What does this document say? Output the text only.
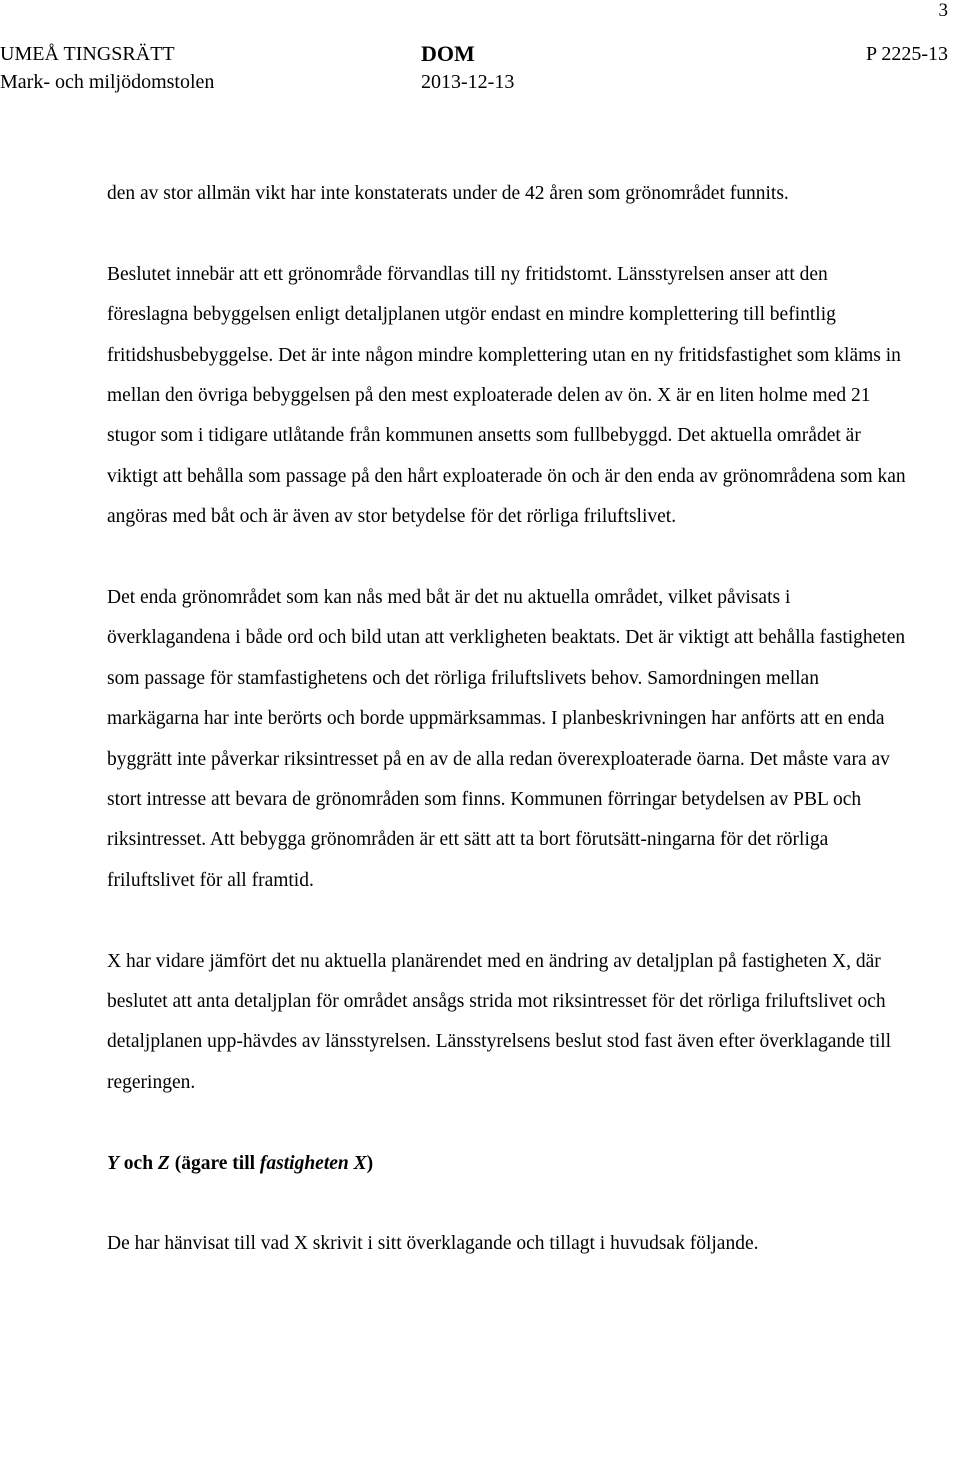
3
UMEÅ TINGSRÄTT
Mark- och miljödomstolen
DOM
2013-12-13
P 2225-13

den av stor allmän vikt har inte konstaterats under de 42 åren som grönområdet funnits.

Beslutet innebär att ett grönområde förvandlas till ny fritidstomt. Länsstyrelsen anser att den föreslagna bebyggelsen enligt detaljplanen utgör endast en mindre komplettering till befintlig fritidshusbebyggelse. Det är inte någon mindre komplettering utan en ny fritidsfastighet som kläms in mellan den övriga bebyggelsen på den mest exploaterade delen av ön. X är en liten holme med 21 stugor som i tidigare utlåtande från kommunen ansetts som fullbebyggd. Det aktuella området är viktigt att behålla som passage på den hårt exploaterade ön och är den enda av grönområdena som kan angöras med båt och är även av stor betydelse för det rörliga friluftslivet.

Det enda grönområdet som kan nås med båt är det nu aktuella området, vilket påvisats i överklagandena i både ord och bild utan att verkligheten beaktats. Det är viktigt att behålla fastigheten som passage för stamfastighetens och det rörliga friluftslivets behov. Samordningen mellan markägarna har inte berörts och borde uppmärksammas. I planbeskrivningen har anförts att en enda byggrätt inte påverkar riksintresset på en av de alla redan överexploaterade öarna. Det måste vara av stort intresse att bevara de grönområden som finns. Kommunen förringar betydelsen av PBL och riksintresset. Att bebygga grönområden är ett sätt att ta bort förutsätt-ningarna för det rörliga friluftslivet för all framtid.

X har vidare jämfört det nu aktuella planärendet med en ändring av detaljplan på fastigheten X, där beslutet att anta detaljplan för området ansågs strida mot riksintresset för det rörliga friluftslivet och detaljplanen upp-hävdes av länsstyrelsen. Länsstyrelsens beslut stod fast även efter överklagande till regeringen.

Y och Z (ägare till fastigheten X)

De har hänvisat till vad X skrivit i sitt överklagande och tillagt i huvudsak följande.
